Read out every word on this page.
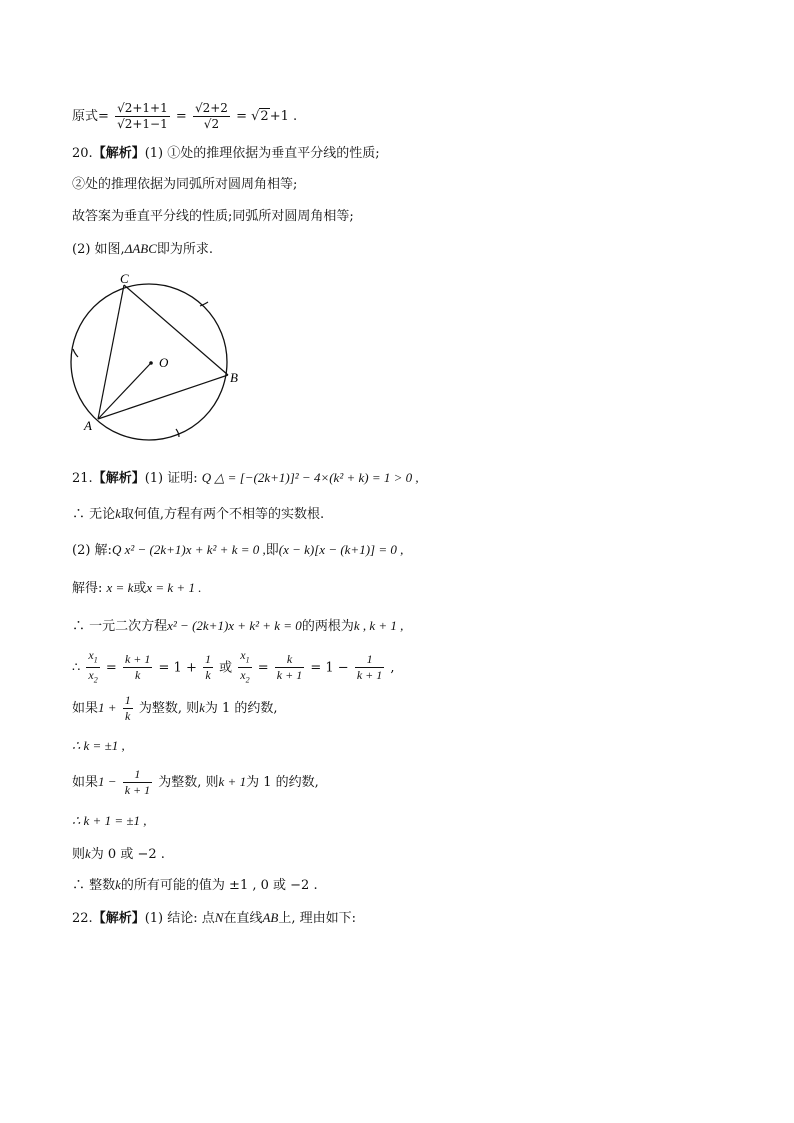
原式= $\frac{√2+1+1}{√2+1-1} = \frac{√2+2}{√2} = √2+1$ .
20.【解析】(1) ①处的推理依据为垂直平分线的性质;
②处的推理依据为同弧所对圆周角相等;
故答案为垂直平分线的性质;同弧所对圆周角相等;
(2) 如图,ΔABC即为所求.
C
B
A
O
21.【解析】(1) 证明: Q △ = [−(2k+1)]² − 4×(k² + k) = 1 > 0 ,
∴ 无论k取何值,方程有两个不相等的实数根.
(2) 解:Q x² − (2k+1)x + k² + k = 0 ,即(x − k)[x − (k+1)] = 0 ,
解得: x = k或x = k + 1 .
∴ 一元二次方程x² − (2k+1)x + k² + k = 0的两根为k , k + 1 ,
∴ $\frac{x_1}{x_2} = \frac{k + 1}{k} = 1 + \frac{1}{k}$ 或 $\frac{x_1}{x_2} = \frac{k}{k + 1} = 1 - \frac{1}{k + 1}$ ,
如果$1 + \frac{1}{k}$ 为整数, 则k为 1 的约数,
∴ k = ±1 ,
如果$1 - \frac{1}{k + 1}$ 为整数, 则k + 1为 1 的约数,
∴ k + 1 = ±1 ,
则k为 0 或 −2 .
∴ 整数k的所有可能的值为 ±1 , 0 或 −2 .
22.【解析】(1) 结论: 点N在直线AB上, 理由如下:
